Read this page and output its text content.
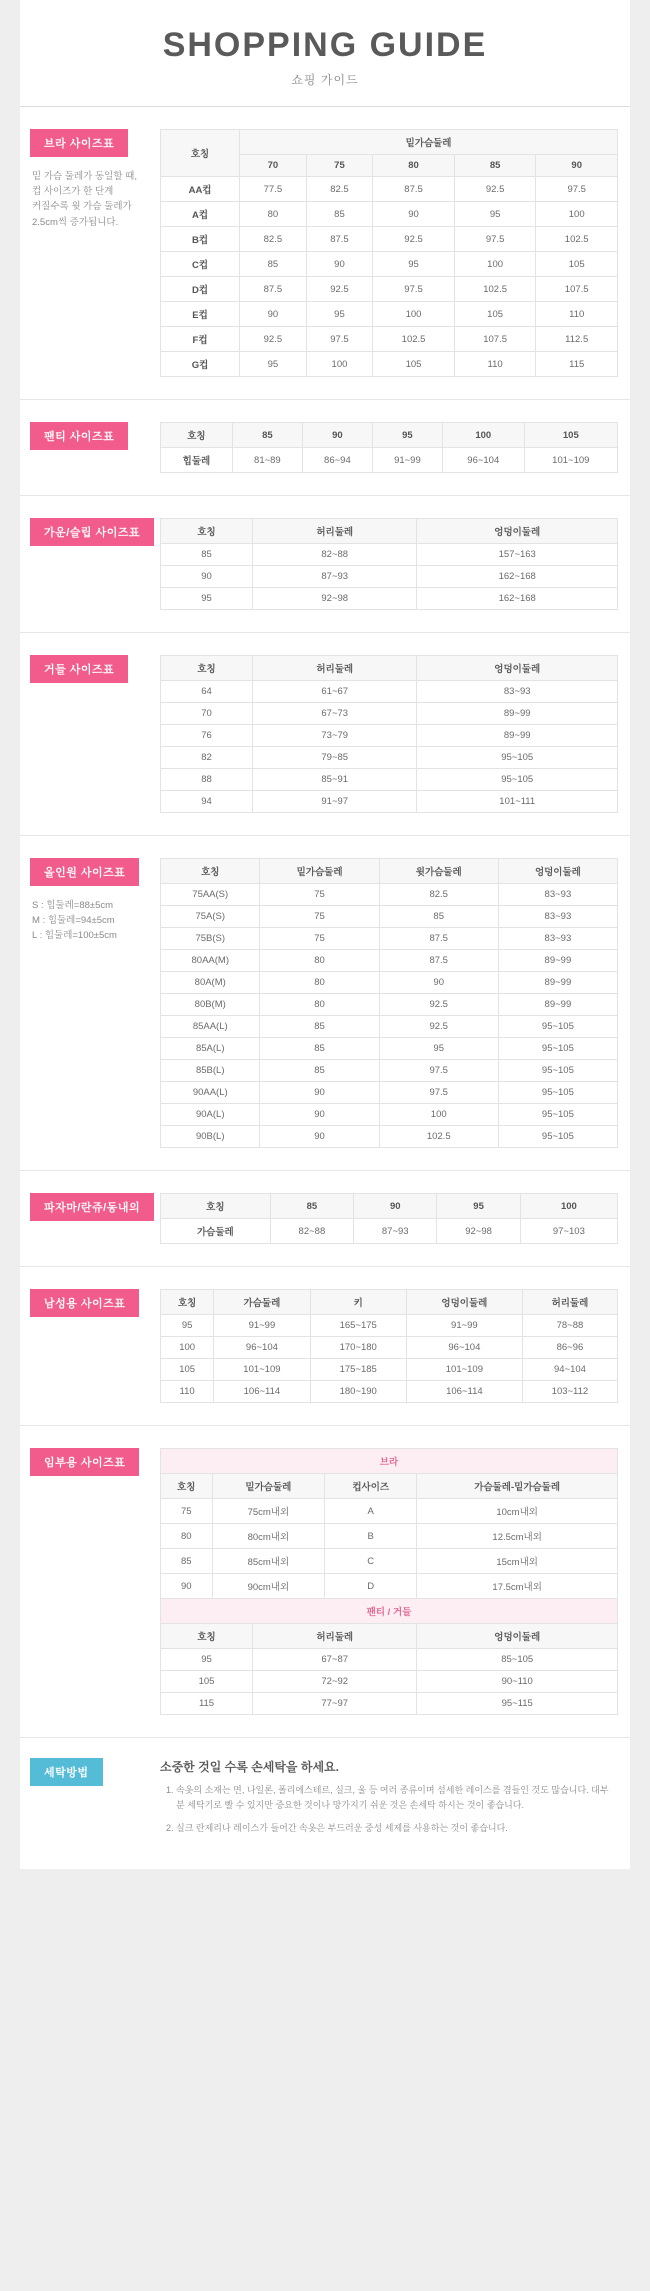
SHOPPING GUIDE
쇼핑 가이드
브라 사이즈표
밑 가슴 둘레가 동일할 때,
컵 사이즈가 한 단계
커질수록 윗 가슴 둘레가
2.5cm씩 증가됩니다.
호칭	밑가슴둘레				
	70	75	80	85	90
AA컵	77.5	82.5	87.5	92.5	97.5
A컵	80	85	90	95	100
B컵	82.5	87.5	92.5	97.5	102.5
C컵	85	90	95	100	105
D컵	87.5	92.5	97.5	102.5	107.5
E컵	90	95	100	105	110
F컵	92.5	97.5	102.5	107.5	112.5
G컵	95	100	105	110	115
팬티 사이즈표	호칭	85	90	95	100	105
힙둘레	81~89	86~94	91~99	96~104	101~109
가운/슬립 사이즈표	호칭	허리둘레	엉덩이둘레
85	82~88	157~163
90	87~93	162~168
95	92~98	162~168
거들 사이즈표	호칭	허리둘레	엉덩이둘레
64	61~67	83~93
70	67~73	89~99
76	73~79	89~99
82	79~85	95~105
88	85~91	95~105
94	91~97	101~111
올인원 사이즈표
S : 힙둘레=88±5cm
M : 힙둘레=94±5cm
L : 힙둘레=100±5cm
호칭	밑가슴둘레	윗가슴둘레	엉덩이둘레
75AA(S)	75	82.5	83~93
75A(S)	75	85	83~93
75B(S)	75	87.5	83~93
80AA(M)	80	87.5	89~99
80A(M)	80	90	89~99
80B(M)	80	92.5	89~99
85AA(L)	85	92.5	95~105
85A(L)	85	95	95~105
85B(L)	85	97.5	95~105
90AA(L)	90	97.5	95~105
90A(L)	90	100	95~105
90B(L)	90	102.5	95~105
파자마/란쥬/동내의	호칭	85	90	95	100
가슴둘레	82~88	87~93	92~98	97~103
남성용 사이즈표	호칭	가슴둘레	키	엉덩이둘레	허리둘레
95	91~99	165~175	91~99	78~88
100	96~104	170~180	96~104	86~96
105	101~109	175~185	101~109	94~104
110	106~114	180~190	106~114	103~112
임부용 사이즈표	브라
호칭	밑가슴둘레	컵사이즈	가슴둘레-밑가슴둘레
75	75cm내외	A	10cm내외
80	80cm내외	B	12.5cm내외
85	85cm내외	C	15cm내외
90	90cm내외	D	17.5cm내외
팬티 / 거들
호칭	허리둘레	엉덩이둘레
95	67~87	85~105
105	72~92	90~110
115	77~97	95~115
세탁방법	소중한 것일 수록 손세탁을 하세요.
1. 속옷의 소재는 면, 나일론, 폴리에스테르, 실크, 울 등 여러 종류이며 섬세한 레이스를 겸들인 것도 많습니다. 대부분 세탁기로 빨 수 있지만 중요한 것이나 망가지기 쉬운 것은 손세탁 하시는 것이 좋습니다.
2. 실크 란제리나 레이스가 들어간 속옷은 부드러운 중성 세제를 사용하는 것이 좋습니다.
